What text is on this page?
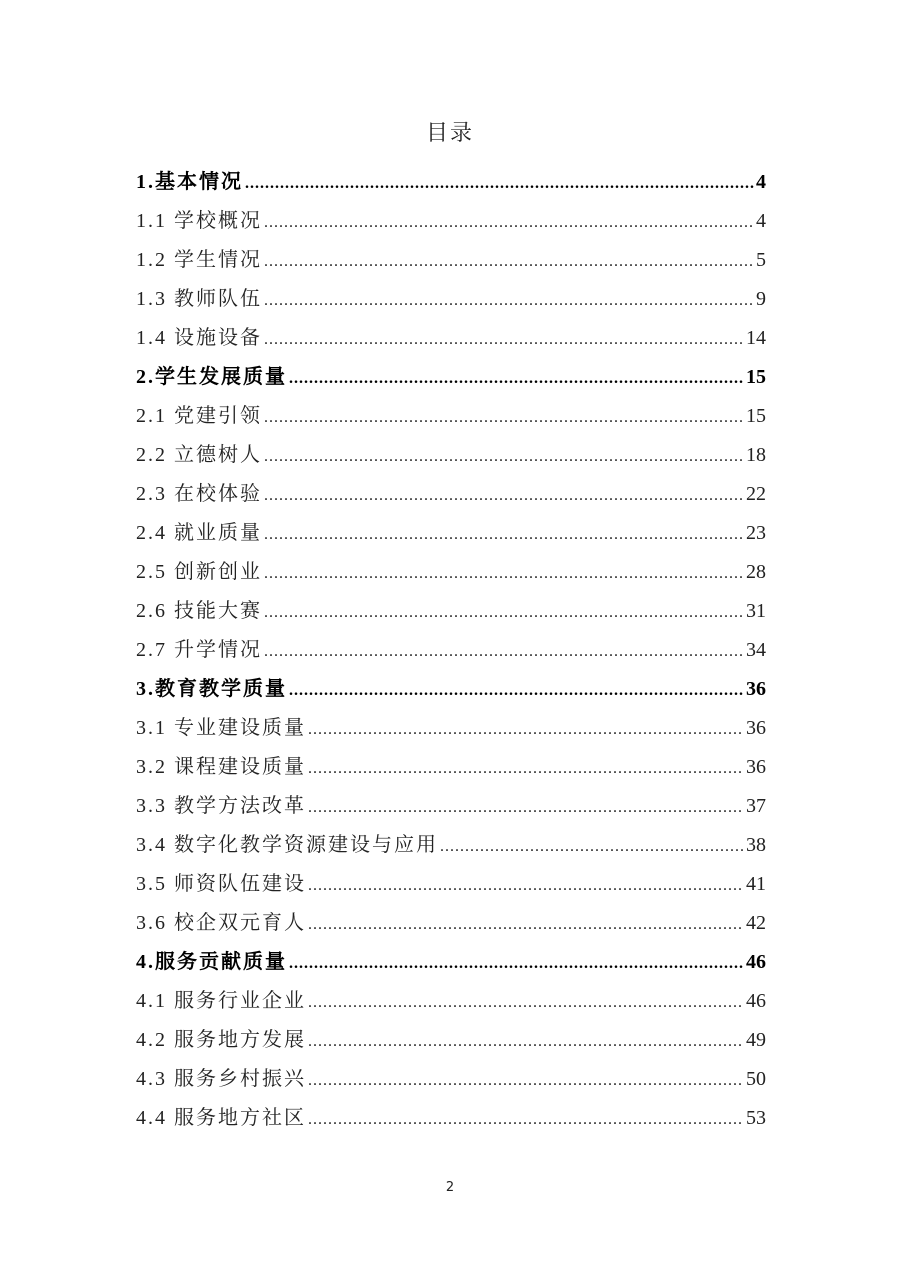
目录
1.基本情况 .....	4
1.1 学校概况 .....	4
1.2 学生情况 .....	5
1.3 教师队伍 .....	9
1.4 设施设备 .....	14
2.学生发展质量 .....	15
2.1 党建引领 .....	15
2.2 立德树人 .....	18
2.3 在校体验 .....	22
2.4 就业质量 .....	23
2.5 创新创业 .....	28
2.6 技能大赛 .....	31
2.7 升学情况 .....	34
3.教育教学质量 .....	36
3.1 专业建设质量 .....	36
3.2 课程建设质量 .....	36
3.3 教学方法改革 .....	37
3.4 数字化教学资源建设与应用 .....	38
3.5 师资队伍建设 .....	41
3.6 校企双元育人 .....	42
4.服务贡献质量 .....	46
4.1 服务行业企业 .....	46
4.2 服务地方发展 .....	49
4.3 服务乡村振兴 .....	50
4.4 服务地方社区 .....	53
2
